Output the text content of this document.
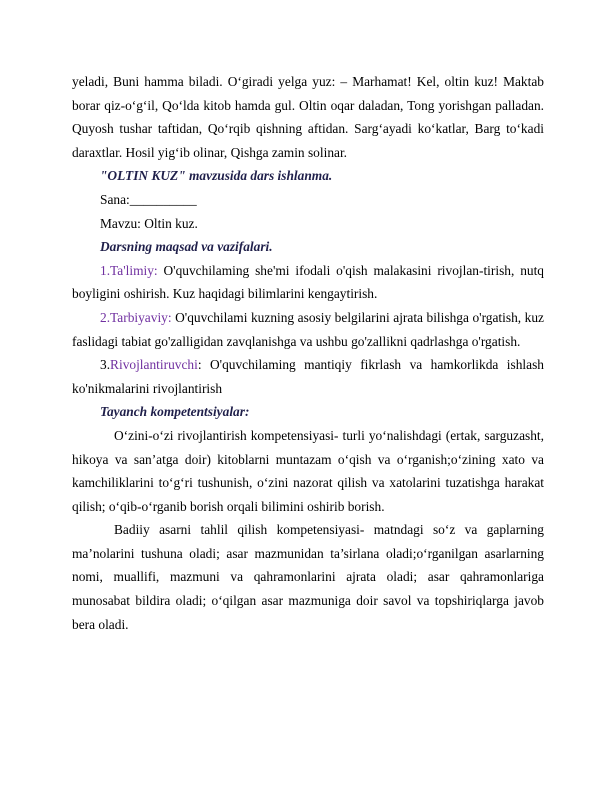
yeladi, Buni hamma biladi. O‘giradi yelga yuz: – Marhamat! Kel, oltin kuz! Maktab borar qiz-o‘g‘il, Qo‘lda kitob hamda gul. Oltin oqar daladan, Tong yorishgan palladan. Quyosh tushar taftidan, Qo‘rqib qishning aftidan. Sarg‘ayadi ko‘katlar, Barg to‘kadi daraxtlar. Hosil yig‘ib olinar, Qishga zamin solinar.

"OLTIN KUZ" mavzusida dars ishlanma.

Sana:__________

Mavzu: Oltin kuz.

Darsning maqsad va vazifalari.

1.Ta'limiy: O'quvchilaming she'mi ifodali o'qish malakasini rivojlan-tirish, nutq boyligini oshirish. Kuz haqidagi bilimlarini kengaytirish.

2.Tarbiyaviy: O'quvchilami kuzning asosiy belgilarini ajrata bilishga o'rgatish, kuz faslidagi tabiat go'zalligidan zavqlanishga va ushbu go'zallikni qadrlashga o'rgatish.

3.Rivojlantiruvchi: O'quvchilaming mantiqiy fikrlash va hamkorlikda ishlash ko'nikmalarini rivojlantirish

Tayanch kompetentsiyalar:

O‘zini-o‘zi rivojlantirish kompetensiyasi- turli yo‘nalishdagi (ertak, sarguzasht, hikoya va san’atga doir) kitoblarni muntazam o‘qish va o‘rganish;o‘zining xato va kamchiliklarini to‘g‘ri tushunish, o‘zini nazorat qilish va xatolarini tuzatishga harakat qilish; o‘qib-o‘rganib borish orqali bilimini oshirib borish.

Badiiy asarni tahlil qilish kompetensiyasi- matndagi so‘z va gaplarning ma’nolarini tushuna oladi; asar mazmunidan ta’sirlana oladi;o‘rganilgan asarlarning nomi, muallifi, mazmuni va qahramonlarini ajrata oladi; asar qahramonlariga munosabat bildira oladi; o‘qilgan asar mazmuniga doir savol va topshiriqlarga javob bera oladi.
